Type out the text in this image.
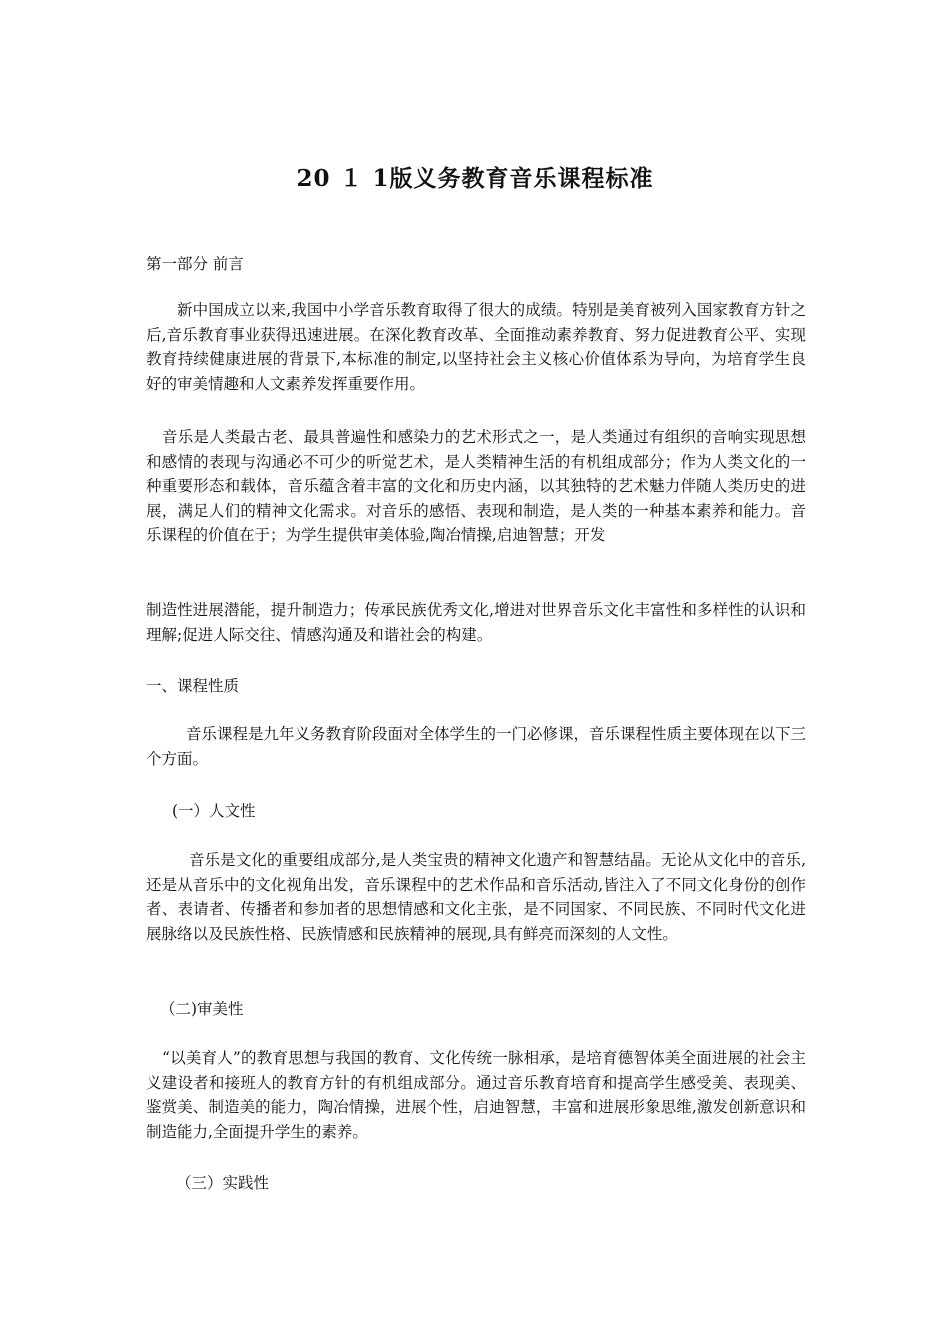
20 １ 1版义务教育音乐课程标准
第一部分 前言
新中国成立以来,我国中小学音乐教育取得了很大的成绩。特别是美育被列入国家教育方针之后,音乐教育事业获得迅速进展。在深化教育改革、全面推动素养教育、努力促进教育公平、实现教育持续健康进展的背景下,本标准的制定,以坚持社会主义核心价值体系为导向，为培育学生良好的审美情趣和人文素养发挥重要作用。
音乐是人类最古老、最具普遍性和感染力的艺术形式之一，是人类通过有组织的音响实现思想和感情的表现与沟通必不可少的听觉艺术，是人类精神生活的有机组成部分；作为人类文化的一种重要形态和载体，音乐蕴含着丰富的文化和历史内涵，以其独特的艺术魅力伴随人类历史的进展，满足人们的精神文化需求。对音乐的感悟、表现和制造，是人类的一种基本素养和能力。音乐课程的价值在于；为学生提供审美体验,陶冶情操,启迪智慧；开发
制造性进展潜能，提升制造力；传承民族优秀文化,增进对世界音乐文化丰富性和多样性的认识和理解;促进人际交往、情感沟通及和谐社会的构建。
一、课程性质
音乐课程是九年义务教育阶段面对全体学生的一门必修课，音乐课程性质主要体现在以下三个方面。
(一）人文性
音乐是文化的重要组成部分,是人类宝贵的精神文化遗产和智慧结晶。无论从文化中的音乐,还是从音乐中的文化视角出发，音乐课程中的艺术作品和音乐活动,皆注入了不同文化身份的创作者、表请者、传播者和参加者的思想情感和文化主张，是不同国家、不同民族、不同时代文化进展脉络以及民族性格、民族情感和民族精神的展现,具有鲜亮而深刻的人文性。
（二)审美性
“以美育人”的教育思想与我国的教育、文化传统一脉相承，是培育德智体美全面进展的社会主义建设者和接班人的教育方针的有机组成部分。通过音乐教育培育和提高学生感受美、表现美、鉴赏美、制造美的能力，陶冶情操，进展个性，启迪智慧，丰富和进展形象思维,激发创新意识和制造能力,全面提升学生的素养。
（三）实践性
